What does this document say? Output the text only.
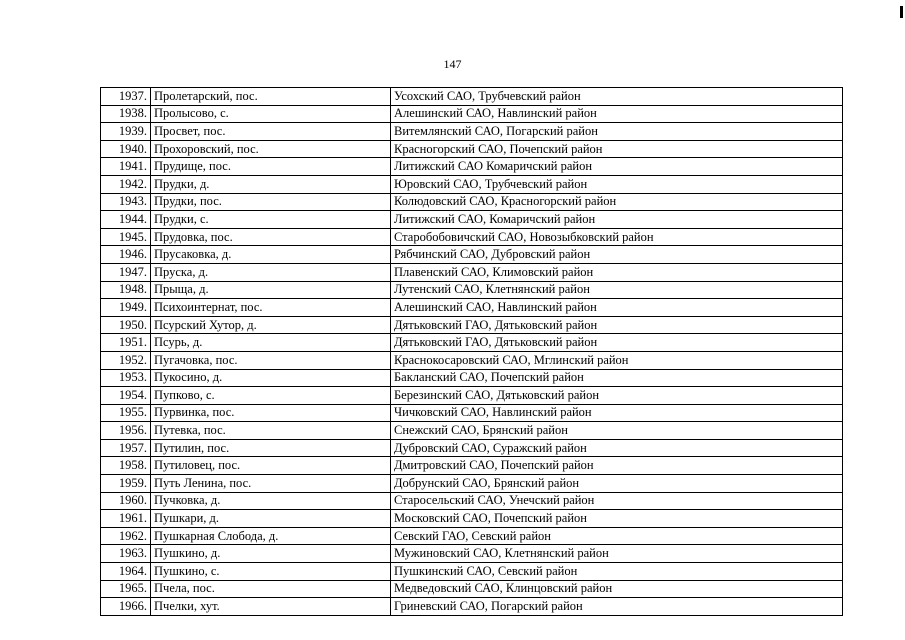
147
1937.	Пролетарский, пос.	Усохский САО, Трубчевский район
1938.	Пролысово, с.	Алешинский САО, Навлинский район
1939.	Просвет, пос.	Витемлянский САО, Погарский район
1940.	Прохоровский, пос.	Красногорский САО, Почепский район
1941.	Прудище, пос.	Литижский САО Комаричский район
1942.	Прудки, д.	Юровский САО, Трубчевский район
1943.	Прудки, пос.	Колюдовский САО, Красногорский район
1944.	Прудки, с.	Литижский САО, Комаричский район
1945.	Прудовка, пос.	Старобобовичский САО, Новозыбковский район
1946.	Прусаковка, д.	Рябчинский САО, Дубровский район
1947.	Пруска, д.	Плавенский САО, Климовский район
1948.	Прыща, д.	Лутенский САО, Клетнянский район
1949.	Психоинтернат, пос.	Алешинский САО, Навлинский район
1950.	Псурский Хутор, д.	Дятьковский ГАО, Дятьковский район
1951.	Псурь, д.	Дятьковский ГАО, Дятьковский район
1952.	Пугачовка, пос.	Краснокосаровский САО, Мглинский район
1953.	Пукосино, д.	Бакланский САО, Почепский район
1954.	Пупково, с.	Березинский САО, Дятьковский район
1955.	Пурвинка, пос.	Чичковский САО, Навлинский район
1956.	Путевка, пос.	Снежский САО, Брянский район
1957.	Путилин, пос.	Дубровский САО, Суражский район
1958.	Путиловец, пос.	Дмитровский САО, Почепский район
1959.	Путь Ленина, пос.	Добрунский САО, Брянский район
1960.	Пучковка, д.	Старосельский САО, Унечский район
1961.	Пушкари, д.	Московский САО, Почепский район
1962.	Пушкарная Слобода, д.	Севский ГАО, Севский район
1963.	Пушкино, д.	Мужиновский САО, Клетнянский район
1964.	Пушкино, с.	Пушкинский САО, Севский район
1965.	Пчела, пос.	Медведовский САО, Клинцовский район
1966.	Пчелки, хут.	Гриневский САО, Погарский район
